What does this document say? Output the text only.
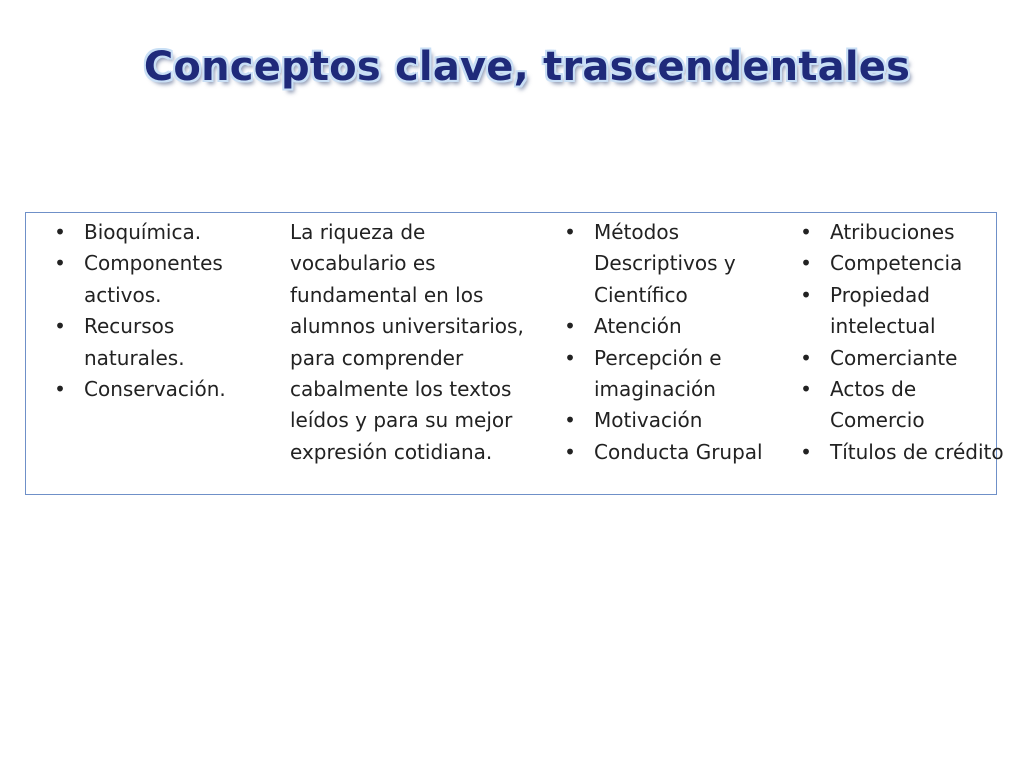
Conceptos clave, trascendentales
• Bioquímica.
• Componentes activos.
• Recursos naturales.
• Conservación.

La riqueza de vocabulario es fundamental en los alumnos universitarios, para comprender cabalmente los textos leídos y para su mejor expresión cotidiana.

• Métodos Descriptivos y Científico
• Atención
• Percepción e imaginación
• Motivación
• Conducta Grupal
• Atribuciones
• Competencia
• Propiedad intelectual
• Comerciante
• Actos de Comercio
• Títulos de crédito
